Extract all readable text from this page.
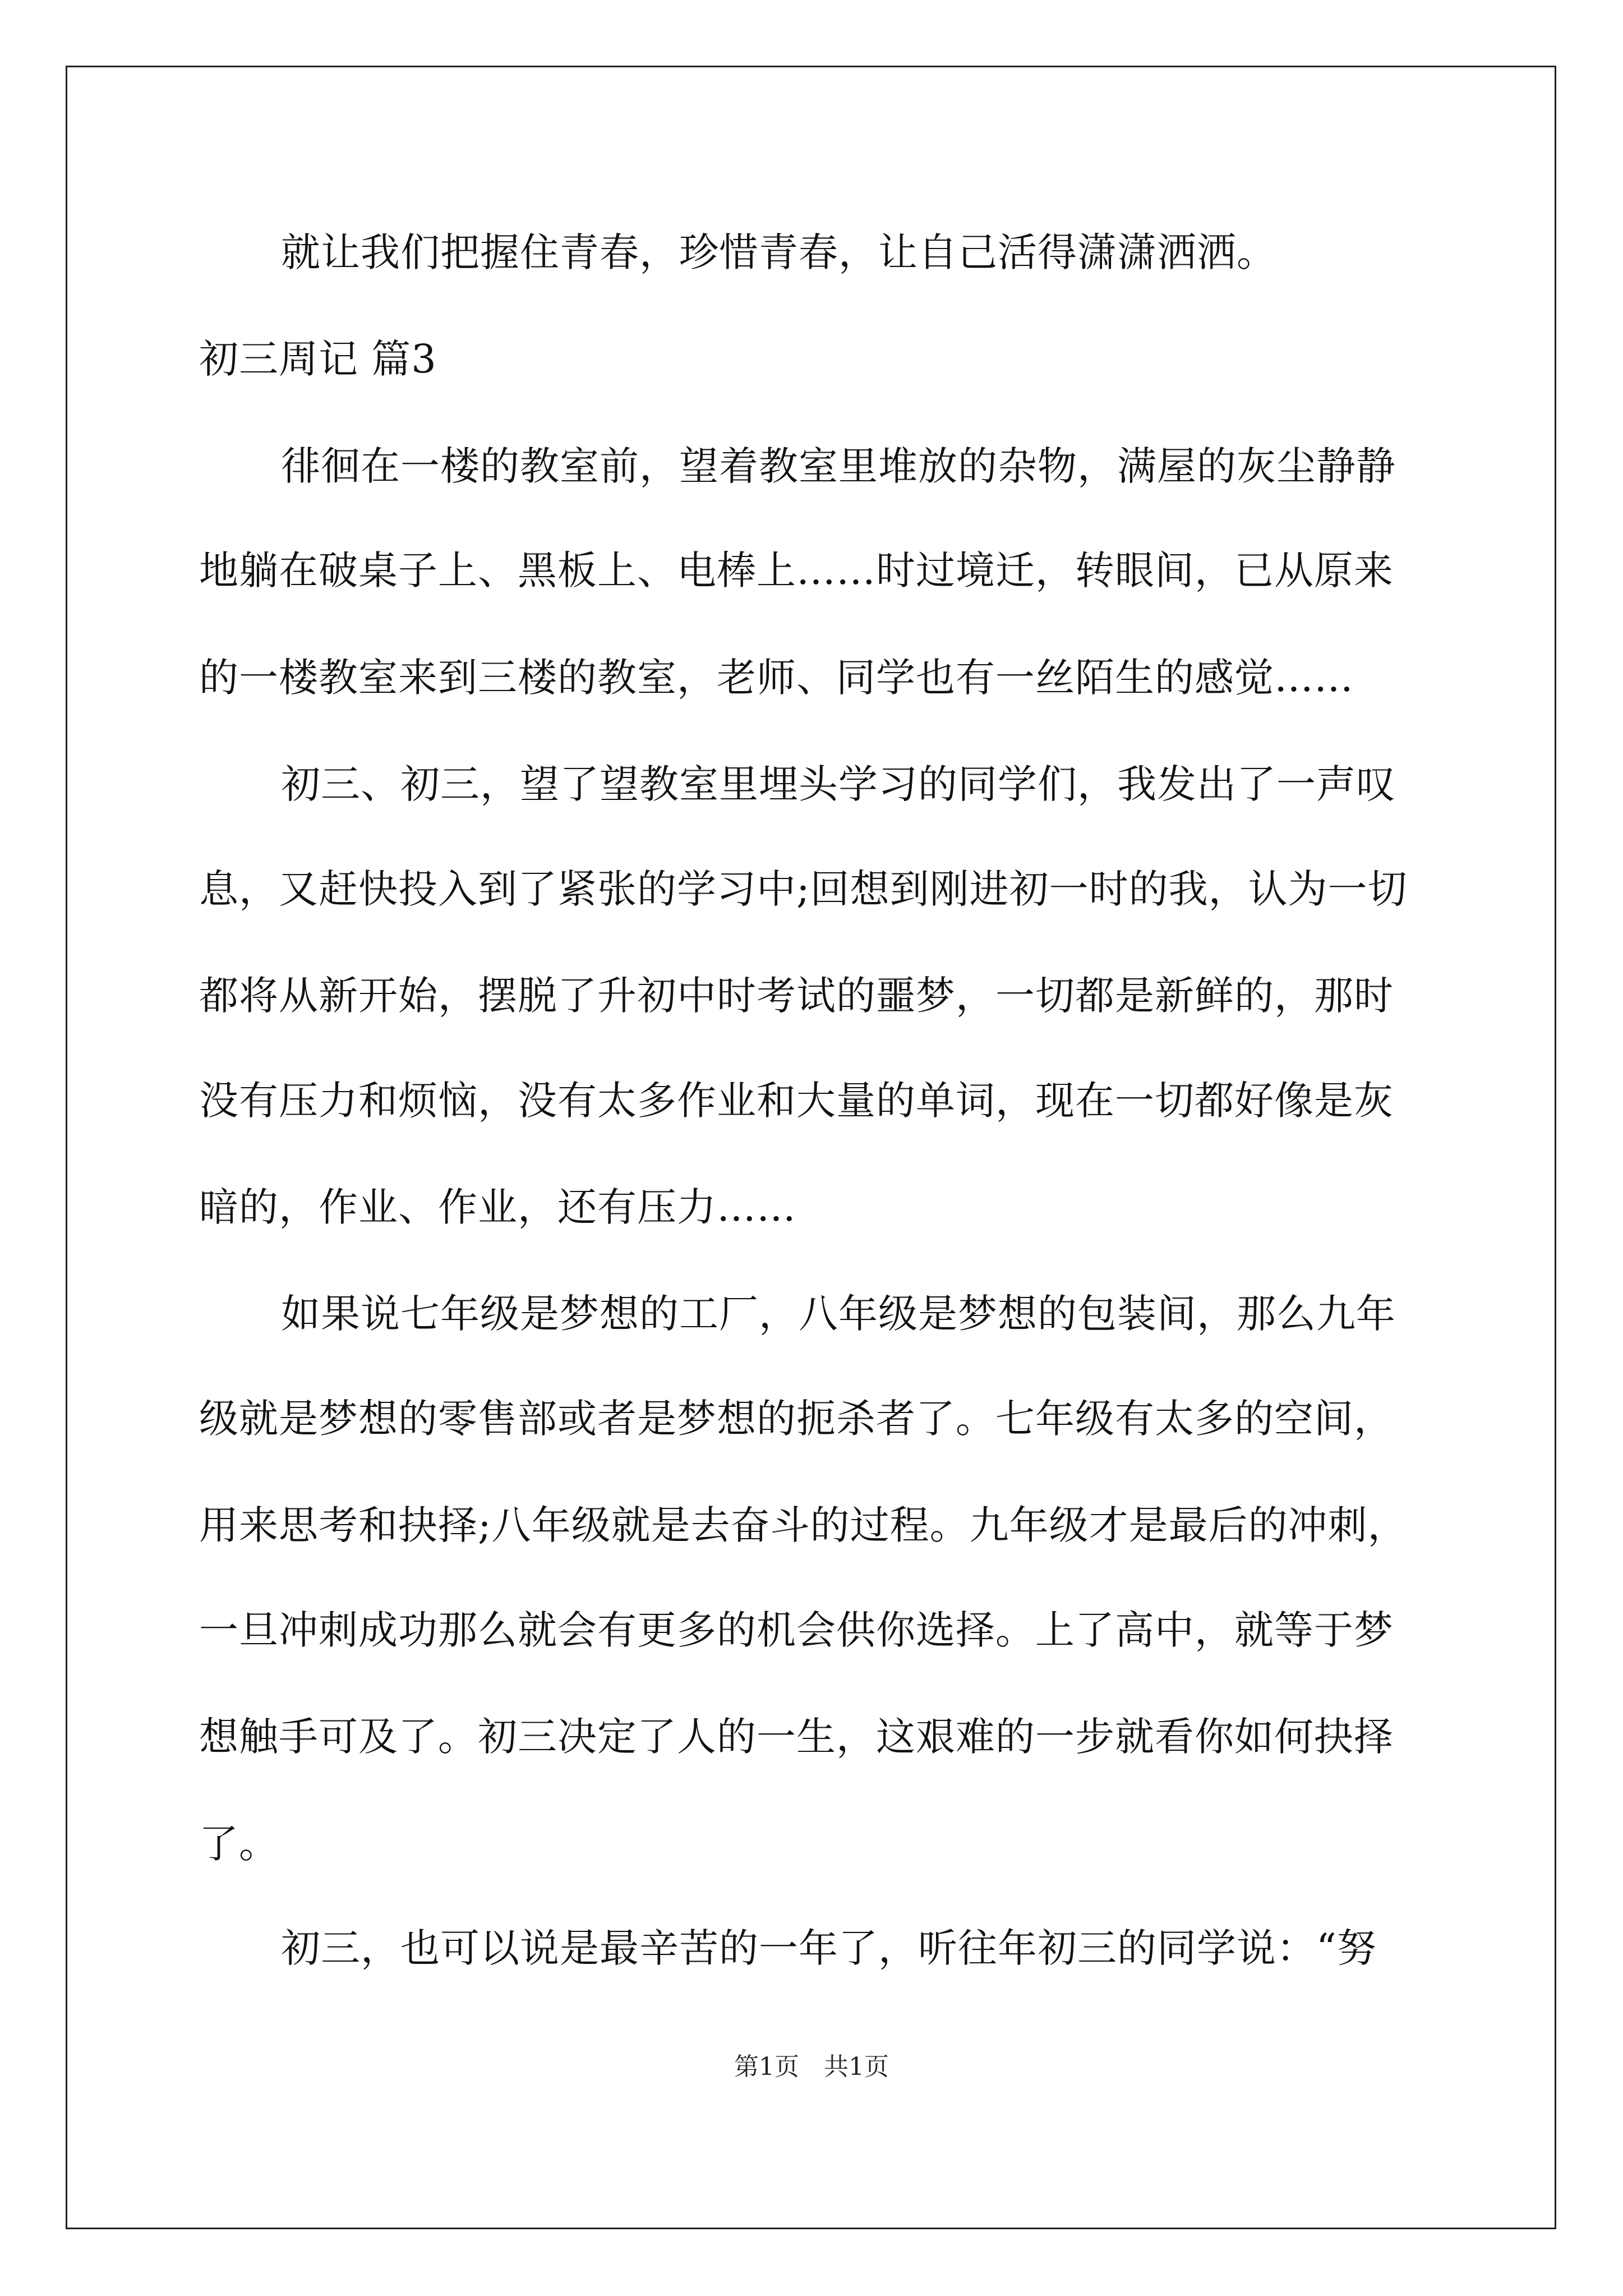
就让我们把握住青春，珍惜青春，让自己活得潇潇洒洒。
初三周记 篇3
徘徊在一楼的教室前，望着教室里堆放的杂物，满屋的灰尘静静
地躺在破桌子上、黑板上、电棒上……时过境迁，转眼间，已从原来
的一楼教室来到三楼的教室，老师、同学也有一丝陌生的感觉……
初三、初三，望了望教室里埋头学习的同学们，我发出了一声叹
息，又赶快投入到了紧张的学习中;回想到刚进初一时的我，认为一切
都将从新开始，摆脱了升初中时考试的噩梦，一切都是新鲜的，那时
没有压力和烦恼，没有太多作业和大量的单词，现在一切都好像是灰
暗的，作业、作业，还有压力……
如果说七年级是梦想的工厂，八年级是梦想的包装间，那么九年
级就是梦想的零售部或者是梦想的扼杀者了。七年级有太多的空间，
用来思考和抉择;八年级就是去奋斗的过程。九年级才是最后的冲刺，
一旦冲刺成功那么就会有更多的机会供你选择。上了高中，就等于梦
想触手可及了。初三决定了人的一生，这艰难的一步就看你如何抉择
了。
初三，也可以说是最辛苦的一年了，听往年初三的同学说：“努
第1页　共1页
